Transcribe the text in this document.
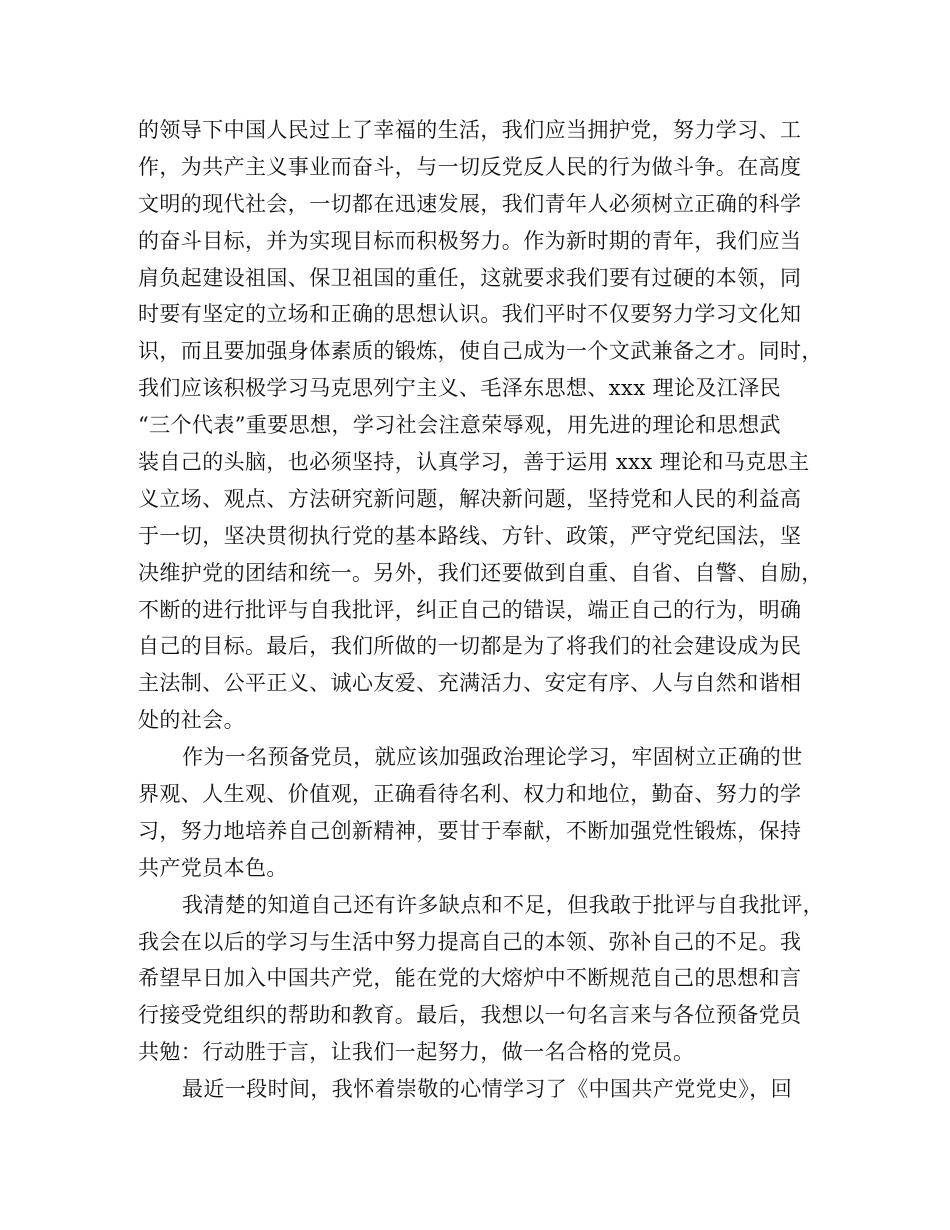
的领导下中国人民过上了幸福的生活，我们应当拥护党，努力学习、工
作，为共产主义事业而奋斗，与一切反党反人民的行为做斗争。在高度
文明的现代社会，一切都在迅速发展，我们青年人必须树立正确的科学
的奋斗目标，并为实现目标而积极努力。作为新时期的青年，我们应当
肩负起建设祖国、保卫祖国的重任，这就要求我们要有过硬的本领，同
时要有坚定的立场和正确的思想认识。我们平时不仅要努力学习文化知
识，而且要加强身体素质的锻炼，使自己成为一个文武兼备之才。同时，
我们应该积极学习马克思列宁主义、毛泽东思想、xxx 理论及江泽民
“三个代表”重要思想，学习社会注意荣辱观，用先进的理论和思想武
装自己的头脑，也必须坚持，认真学习，善于运用 xxx 理论和马克思主
义立场、观点、方法研究新问题，解决新问题，坚持党和人民的利益高
于一切，坚决贯彻执行党的基本路线、方针、政策，严守党纪国法，坚
决维护党的团结和统一。另外，我们还要做到自重、自省、自警、自励，
不断的进行批评与自我批评，纠正自己的错误，端正自己的行为，明确
自己的目标。最后，我们所做的一切都是为了将我们的社会建设成为民
主法制、公平正义、诚心友爱、充满活力、安定有序、人与自然和谐相
处的社会。
作为一名预备党员，就应该加强政治理论学习，牢固树立正确的世
界观、人生观、价值观，正确看待名利、权力和地位，勤奋、努力的学
习，努力地培养自己创新精神，要甘于奉献，不断加强党性锻炼，保持
共产党员本色。
我清楚的知道自己还有许多缺点和不足，但我敢于批评与自我批评，
我会在以后的学习与生活中努力提高自己的本领、弥补自己的不足。我
希望早日加入中国共产党，能在党的大熔炉中不断规范自己的思想和言
行接受党组织的帮助和教育。最后，我想以一句名言来与各位预备党员
共勉：行动胜于言，让我们一起努力，做一名合格的党员。
最近一段时间，我怀着崇敬的心情学习了《中国共产党党史》，回
